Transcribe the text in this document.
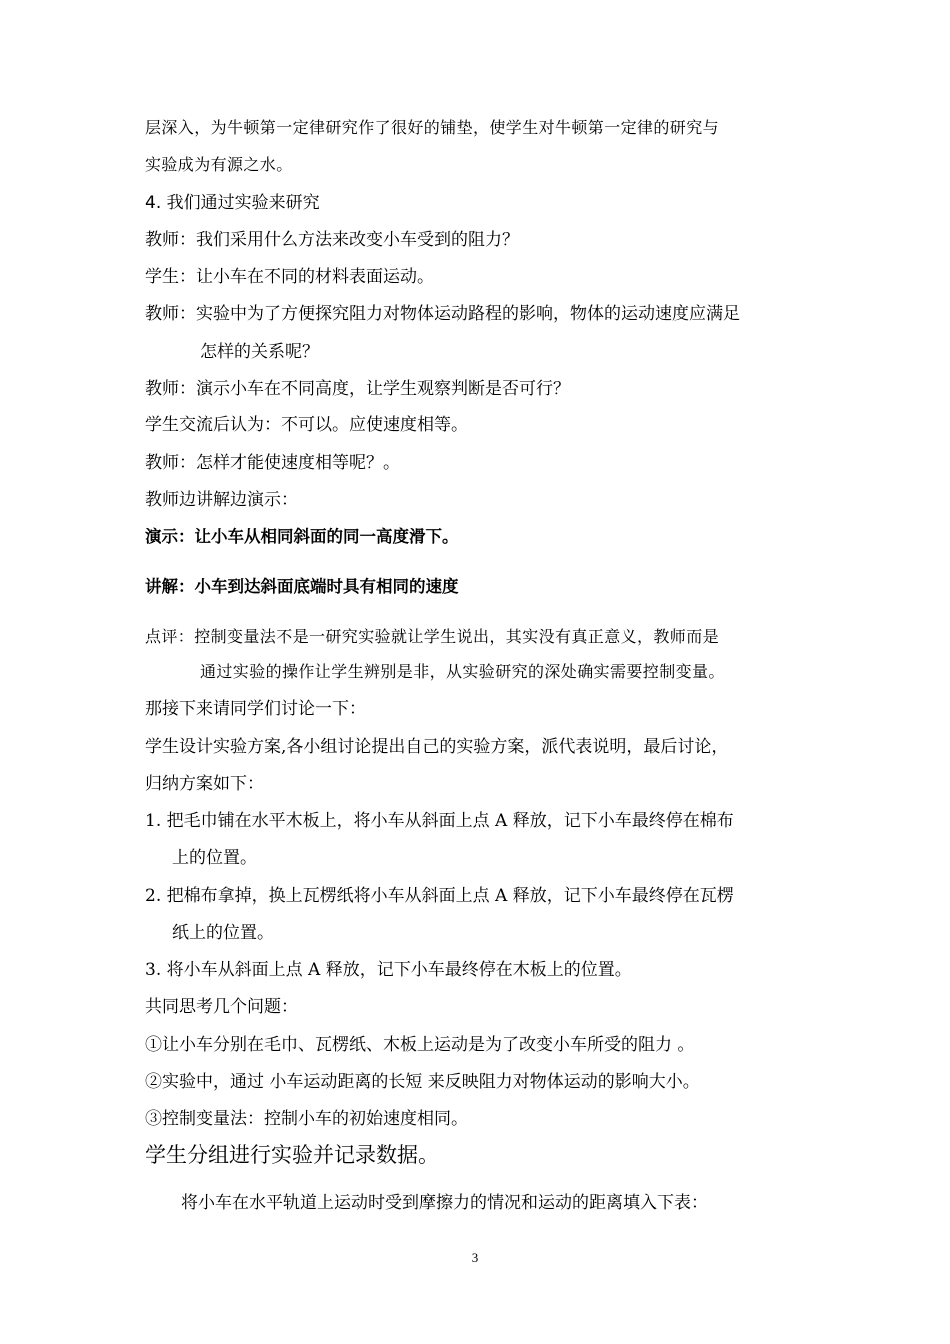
层深入，为牛顿第一定律研究作了很好的铺垫，使学生对牛顿第一定律的研究与
实验成为有源之水。
4. 我们通过实验来研究
教师：我们采用什么方法来改变小车受到的阻力？
学生：让小车在不同的材料表面运动。
教师：实验中为了方便探究阻力对物体运动路程的影响，物体的运动速度应满足
怎样的关系呢？
教师：演示小车在不同高度，让学生观察判断是否可行？
学生交流后认为：不可以。应使速度相等。
教师：怎样才能使速度相等呢？。
教师边讲解边演示：
演示：让小车从相同斜面的同一高度滑下。
讲解：小车到达斜面底端时具有相同的速度
点评：控制变量法不是一研究实验就让学生说出，其实没有真正意义，教师而是
通过实验的操作让学生辨别是非，从实验研究的深处确实需要控制变量。
那接下来请同学们讨论一下：
学生设计实验方案,各小组讨论提出自己的实验方案，派代表说明，最后讨论，
归纳方案如下：
1. 把毛巾铺在水平木板上，将小车从斜面上点 A 释放，记下小车最终停在棉布
上的位置。
2. 把棉布拿掉，换上瓦楞纸将小车从斜面上点 A 释放，记下小车最终停在瓦楞
纸上的位置。
3. 将小车从斜面上点 A 释放，记下小车最终停在木板上的位置。
共同思考几个问题：
①让小车分别在毛巾、瓦楞纸、木板上运动是为了改变小车所受的阻力 。
②实验中，通过 小车运动距离的长短 来反映阻力对物体运动的影响大小。
③控制变量法：控制小车的初始速度相同。
学生分组进行实验并记录数据。
将小车在水平轨道上运动时受到摩擦力的情况和运动的距离填入下表：
3
